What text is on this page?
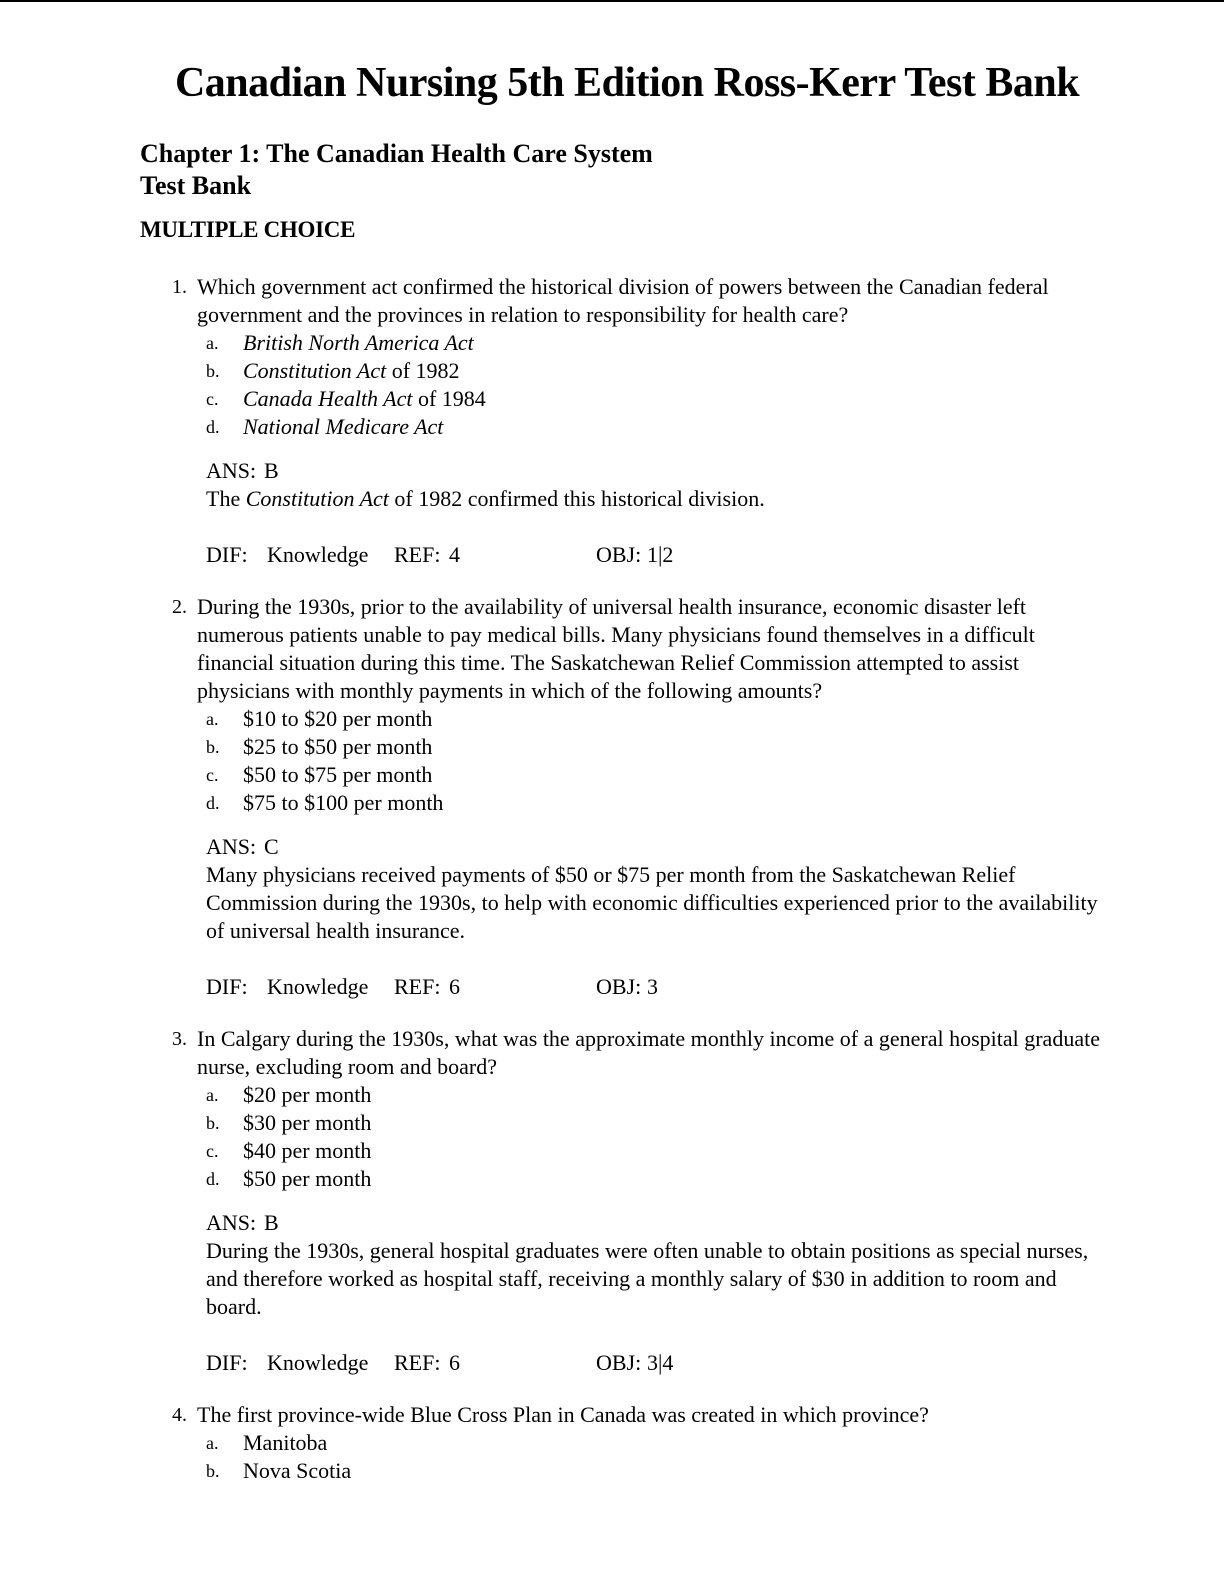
Canadian Nursing 5th Edition Ross-Kerr Test Bank
Chapter 1: The Canadian Health Care System
Test Bank
MULTIPLE CHOICE
1. Which government act confirmed the historical division of powers between the Canadian federal government and the provinces in relation to responsibility for health care?
a.	British North America Act
b.	Constitution Act of 1982
c.	Canada Health Act of 1984
d.	National Medicare Act
ANS: B
The Constitution Act of 1982 confirmed this historical division.
DIF: Knowledge REF: 4	OBJ: 1|2
2. During the 1930s, prior to the availability of universal health insurance, economic disaster left numerous patients unable to pay medical bills. Many physicians found themselves in a difficult financial situation during this time. The Saskatchewan Relief Commission attempted to assist physicians with monthly payments in which of the following amounts?
a.	$10 to $20 per month
b.	$25 to $50 per month
c.	$50 to $75 per month
d.	$75 to $100 per month
ANS: C
Many physicians received payments of $50 or $75 per month from the Saskatchewan Relief Commission during the 1930s, to help with economic difficulties experienced prior to the availability of universal health insurance.
DIF: Knowledge REF: 6	OBJ: 3
3. In Calgary during the 1930s, what was the approximate monthly income of a general hospital graduate nurse, excluding room and board?
a.	$20 per month
b.	$30 per month
c.	$40 per month
d.	$50 per month
ANS: B
During the 1930s, general hospital graduates were often unable to obtain positions as special nurses, and therefore worked as hospital staff, receiving a monthly salary of $30 in addition to room and board.
DIF: Knowledge REF: 6	OBJ: 3|4
4. The first province-wide Blue Cross Plan in Canada was created in which province?
a.	Manitoba
b.	Nova Scotia
